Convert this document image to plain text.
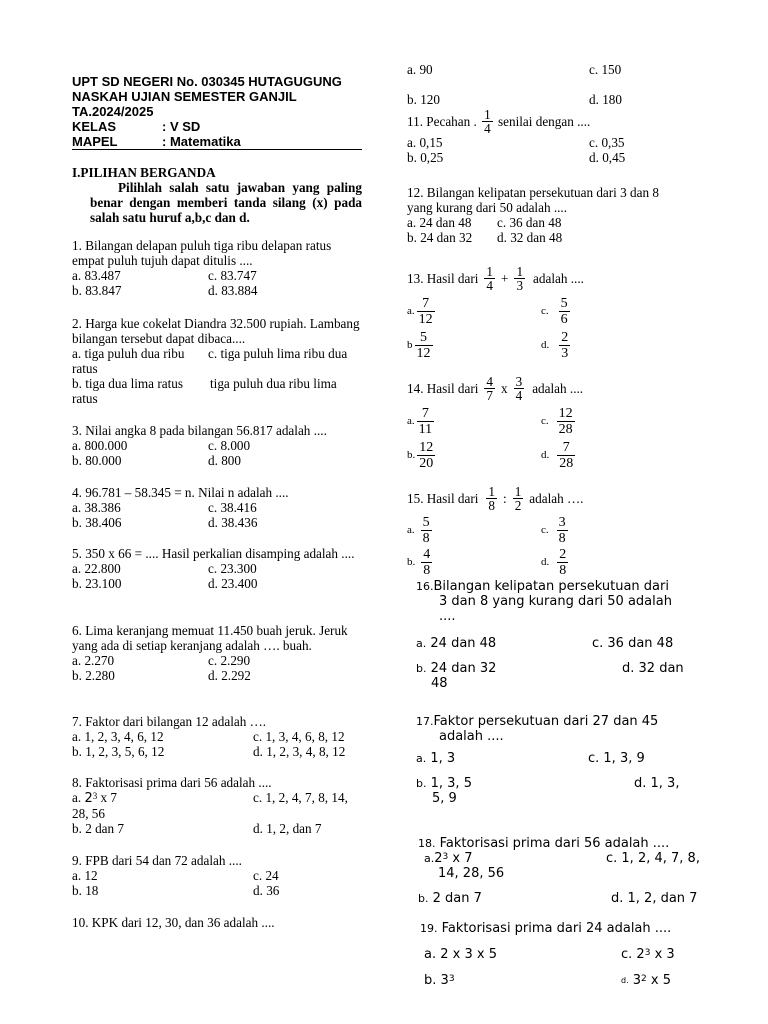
UPT SD NEGERI No. 030345 HUTAGUGUNG
NASKAH UJIAN SEMESTER GANJIL
TA.2024/2025
KELAS	: V SD
MAPEL	: Matematika
I.PILIHAN BERGANDA
Pilihlah salah satu jawaban yang paling benar dengan memberi tanda silang (x) pada salah satu huruf a,b,c dan d.
1. Bilangan delapan puluh tiga ribu delapan ratus empat puluh tujuh dapat ditulis ....
a. 83.487	c. 83.747
b. 83.847	d. 83.884
2. Harga kue cokelat Diandra 32.500 rupiah. Lambang bilangan tersebut dapat dibaca....
a. tiga puluh dua ribu	c. tiga puluh lima ribu dua
ratus
b. tiga dua lima ratus	tiga puluh dua ribu lima
ratus
3. Nilai angka 8 pada bilangan 56.817 adalah ....
a. 800.000	c. 8.000
b. 80.000	d. 800
4. 96.781 – 58.345 = n. Nilai n adalah ....
a. 38.386	c. 38.416
b. 38.406	d. 38.436
5. 350 x 66 = .... Hasil perkalian disamping adalah ....
a. 22.800	c. 23.300
b. 23.100	d. 23.400
6. Lima keranjang memuat 11.450 buah jeruk. Jeruk yang ada di setiap keranjang adalah …. buah.
a. 2.270	c. 2.290
b. 2.280	d. 2.292
7. Faktor dari bilangan 12 adalah ….
a. 1, 2, 3, 4, 6, 12	c. 1, 3, 4, 6, 8, 12
b. 1, 2, 3, 5, 6, 12	d. 1, 2, 3, 4, 8, 12
8. Faktorisasi prima dari 56 adalah ....
a. $2^3$ x 7	c. 1, 2, 4, 7, 8, 14,
28, 56
b. 2 dan 7	d. 1, 2, dan 7
9. FPB dari 54 dan 72 adalah ....
a. 12	c. 24
b. 18	d. 36
10. KPK dari 12, 30, dan 36 adalah ....
a. 90	c. 150
b. 120	d. 180
11. Pecahan . $\frac{1}{4}$ senilai dengan ....
a. 0,15	c. 0,35
b. 0,25	d. 0,45
12. Bilangan kelipatan persekutuan dari 3 dan 8 yang kurang dari 50 adalah ....
a. 24 dan 48	c. 36 dan 48
b. 24 dan 32	d. 32 dan 48
13. Hasil dari $\frac{1}{4} + \frac{1}{3}$ adalah ....
a. $\frac{7}{12}$	c. $\frac{5}{6}$
b $\frac{5}{12}$	d. $\frac{2}{3}$
14. Hasil dari $\frac{4}{7}$ x $\frac{3}{4}$ adalah ....
a. $\frac{7}{11}$	c. $\frac{12}{28}$
b. $\frac{12}{20}$	d. $\frac{7}{28}$
15. Hasil dari $\frac{1}{8}$ : $\frac{1}{2}$ adalah ….
a. $\frac{5}{8}$	c. $\frac{3}{8}$
b. $\frac{4}{8}$	d. $\frac{2}{8}$
16.Bilangan kelipatan persekutuan dari
3 dan 8 yang kurang dari 50 adalah
....
a. 24 dan 48	c. 36 dan 48
b. 24 dan 32	d. 32 dan
48
17.Faktor persekutuan dari 27 dan 45
adalah ....
a. 1, 3	c. 1, 3, 9
b. 1, 3, 5	d. 1, 3,
5, 9
18. Faktorisasi prima dari 56 adalah ....
$a.2^3$ x 7	c. 1, 2, 4, 7, 8,
14, 28, 56
b. 2 dan 7	d. 1, 2, dan 7
19. Faktorisasi prima dari 24 adalah ....
a. 2 x 3 x 5	c. $2^3$ x 3
b. $3^3$	$^{d.}$ $3^2$ x 5
